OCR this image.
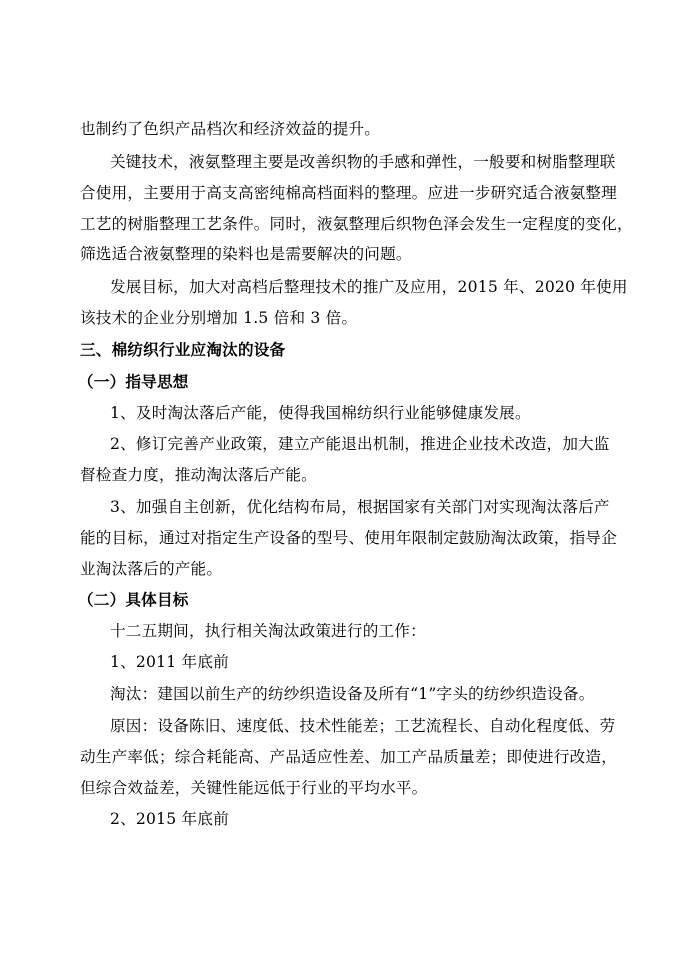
也制约了色织产品档次和经济效益的提升。
关键技术，液氨整理主要是改善织物的手感和弹性，一般要和树脂整理联
合使用，主要用于高支高密纯棉高档面料的整理。应进一步研究适合液氨整理
工艺的树脂整理工艺条件。同时，液氨整理后织物色泽会发生一定程度的变化，
筛选适合液氨整理的染料也是需要解决的问题。
发展目标，加大对高档后整理技术的推广及应用，2015 年、2020 年使用
该技术的企业分别增加 1.5 倍和 3 倍。
三、棉纺织行业应淘汰的设备
（一）指导思想
1、及时淘汰落后产能，使得我国棉纺织行业能够健康发展。
2、修订完善产业政策，建立产能退出机制，推进企业技术改造，加大监
督检查力度，推动淘汰落后产能。
3、加强自主创新，优化结构布局，根据国家有关部门对实现淘汰落后产
能的目标，通过对指定生产设备的型号、使用年限制定鼓励淘汰政策，指导企
业淘汰落后的产能。
（二）具体目标
十二五期间，执行相关淘汰政策进行的工作：
1、2011 年底前
淘汰：建国以前生产的纺纱织造设备及所有“1”字头的纺纱织造设备。
原因：设备陈旧、速度低、技术性能差；工艺流程长、自动化程度低、劳
动生产率低；综合耗能高、产品适应性差、加工产品质量差；即使进行改造，
但综合效益差，关键性能远低于行业的平均水平。
2、2015 年底前
